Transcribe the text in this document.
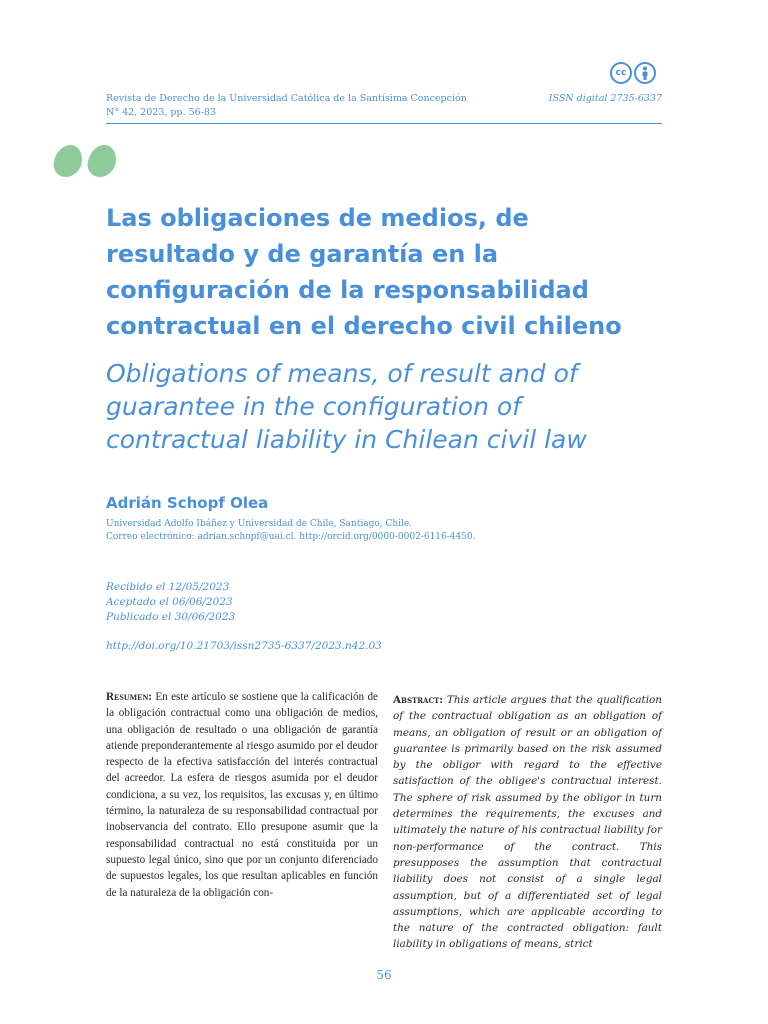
Revista de Derecho de la Universidad Católica de la Santísima Concepción
N° 42, 2023, pp. 56-83
ISSN digital 2735-6337
cc
Las obligaciones de medios, de resultado y de garantía en la configuración de la responsabilidad contractual en el derecho civil chileno
Obligations of means, of result and of guarantee in the configuration of contractual liability in Chilean civil law
Adrián Schopf Olea
Universidad Adolfo Ibáñez y Universidad de Chile, Santiago, Chile.
Correo electrónico: adrian.schopf@uai.cl. http://orcid.org/0000-0002-6116-4450.
Recibido el 12/05/2023
Aceptado el 06/06/2023
Publicado el 30/06/2023
http://doi.org/10.21703/issn2735-6337/2023.n42.03
Resumen: En este artículo se sostiene que la calificación de la obligación contractual como una obligación de medios, una obligación de resultado o una obligación de garantía atiende preponderantemente al riesgo asumido por el deudor respecto de la efectiva satisfacción del interés contractual del acreedor. La esfera de riesgos asumida por el deudor condiciona, a su vez, los requisitos, las excusas y, en último término, la naturaleza de su responsabilidad contractual por inobservancia del contrato. Ello presupone asumir que la responsabilidad contractual no está constituida por un supuesto legal único, sino que por un conjunto diferenciado de supuestos legales, los que resultan aplicables en función de la naturaleza de la obligación con-
Abstract: This article argues that the qualification of the contractual obligation as an obligation of means, an obligation of result or an obligation of guarantee is primarily based on the risk assumed by the obligor with regard to the effective satisfaction of the obligee's contractual interest. The sphere of risk assumed by the obligor in turn determines the requirements, the excuses and ultimately the nature of his contractual liability for non-performance of the contract. This presupposes the assumption that contractual liability does not consist of a single legal assumption, but of a differentiated set of legal assumptions, which are applicable according to the nature of the contracted obligation: fault liability in obligations of means, strict
56
